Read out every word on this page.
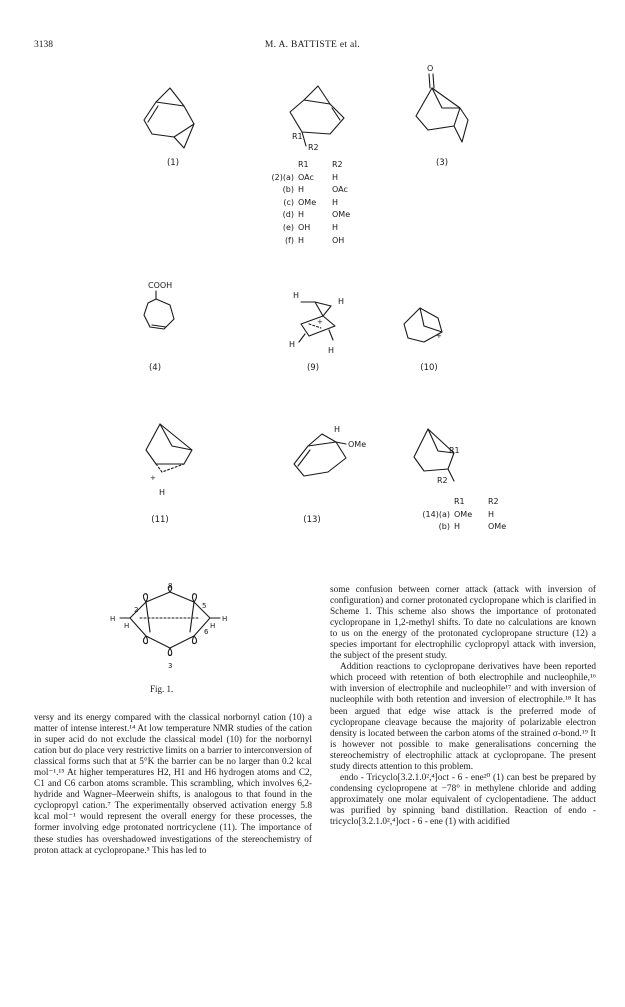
3138	M. A. BATTISTE et al.
(1)
R1
R2
R1	R2
(2)(a) OAc	H
(b) H	OAc
(c) OMe	H
(d) H	OMe
(e) OH	H
(f) H	OH
O
(3)
COOH
(4)
H
H
H
H
+
(9)
+
(10)
+
H
(11)
H
OMe
(13)
R1
R2
R1	R2
(14)(a) OMe	H
(b) H	OMe
H	H
H	H
8
5
3
2
6
Fig. 1.

versy and its energy compared with the classical norbornyl cation (10) a matter of intense interest.¹⁴ At low temperature NMR studies of the cation in super acid do not exclude the classical model (10) for the norbornyl cation but do place very restrictive limits on a barrier to interconversion of classical forms such that at 5°K the barrier can be no larger than 0.2 kcal mol⁻¹.¹⁵ At higher temperatures H2, H1 and H6 hydrogen atoms and C2, C1 and C6 carbon atoms scramble. This scrambling, which involves 6,2-hydride and Wagner–Meerwein shifts, is analogous to that found in the cyclopropyl cation.⁷ The experimentally observed activation energy 5.8 kcal mol⁻¹ would represent the overall energy for these processes, the former involving edge protonated nortricyclene (11). The importance of these studies has overshadowed investigations of the stereochemistry of proton attack at cyclopropane.⁵ This has led to

some confusion between corner attack (attack with inversion of configuration) and corner protonated cyclopropane which is clarified in Scheme 1. This scheme also shows the importance of protonated cyclopropane in 1,2-methyl shifts. To date no calculations are known to us on the energy of the protonated cyclopropane structure (12) a species important for electrophilic cyclopropyl attack with inversion, the subject of the present study.

Addition reactions to cyclopropane derivatives have been reported which proceed with retention of both electrophile and nucleophile,¹⁶ with inversion of electrophile and nucleophile¹⁷ and with inversion of nucleophile with both retention and inversion of electrophile.¹⁸ It has been argued that edge wise attack is the preferred mode of cyclopropane cleavage because the majority of polarizable electron density is located between the carbon atoms of the strained σ-bond.¹⁹ It is however not possible to make generalisations concerning the stereochemistry of electrophilic attack at cyclopropane. The present study directs attention to this problem.

endo - Tricyclo[3.2.1.0²,⁴]oct - 6 - ene²⁰ (1) can best be prepared by condensing cyclopropene at −78° in methylene chloride and adding approximately one molar equivalent of cyclopentadiene. The adduct was purified by spinning band distillation. Reaction of endo - tricyclo[3.2.1.0²,⁴]oct - 6 - ene (1) with acidified
